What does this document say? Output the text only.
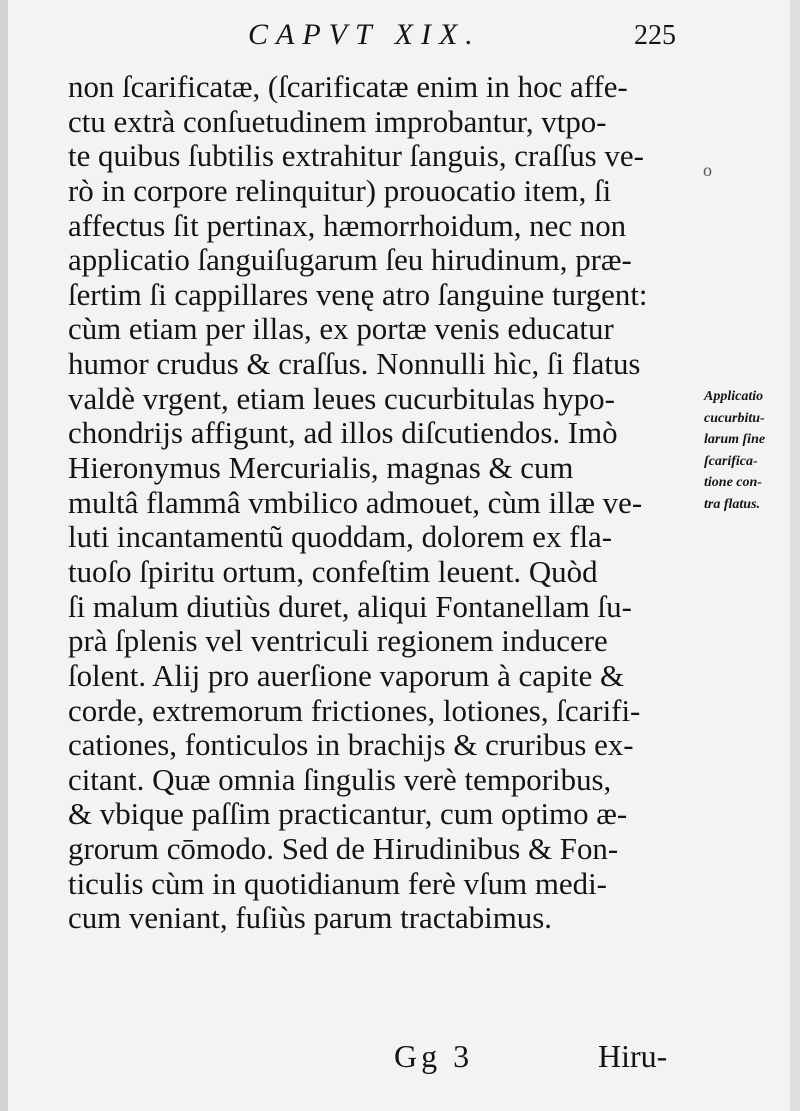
CAPVT XIX.	225
non ſcarificatæ, (ſcarificatæ enim in hoc affe-
ctu extrà conſuetudinem improbantur, vtpo-
te quibus ſubtilis extrahitur ſanguis, craſſus ve-
rò in corpore relinquitur) prouocatio item, ſi
affectus ſit pertinax, hæmorrhoidum, nec non
applicatio ſanguiſugarum ſeu hirudinum, præ-
ſertim ſi cappillares venę atro ſanguine turgent:
cùm etiam per illas, ex portæ venis educatur
humor crudus & craſſus. Nonnulli hìc, ſi flatus
valdè vrgent, etiam leues cucurbitulas hypo-
chondrijs affigunt, ad illos diſcutiendos. Imò
Hieronymus Mercurialis, magnas & cum
multâ flammâ vmbilico admouet, cùm illæ ve-
luti incantamentũ quoddam, dolorem ex fla-
tuoſo ſpiritu ortum, confeſtim leuent. Quòd
ſi malum diutiùs duret, aliqui Fontanellam ſu-
prà ſplenis vel ventriculi regionem inducere
ſolent. Alij pro auerſione vaporum à capite &
corde, extremorum frictiones, lotiones, ſcarifi-
cationes, fonticulos in brachijs & cruribus ex-
citant. Quæ omnia ſingulis verè temporibus,
& vbique paſſim practicantur, cum optimo æ-
grorum cōmodo. Sed de Hirudinibus & Fon-
ticulis cùm in quotidianum ferè vſum medi-
cum veniant, fuſiùs parum tractabimus.
o
Applicatio
cucurbitu-
larum ſine
ſcarifica-
tione con-
tra flatus.
Gg 3	Hiru-
